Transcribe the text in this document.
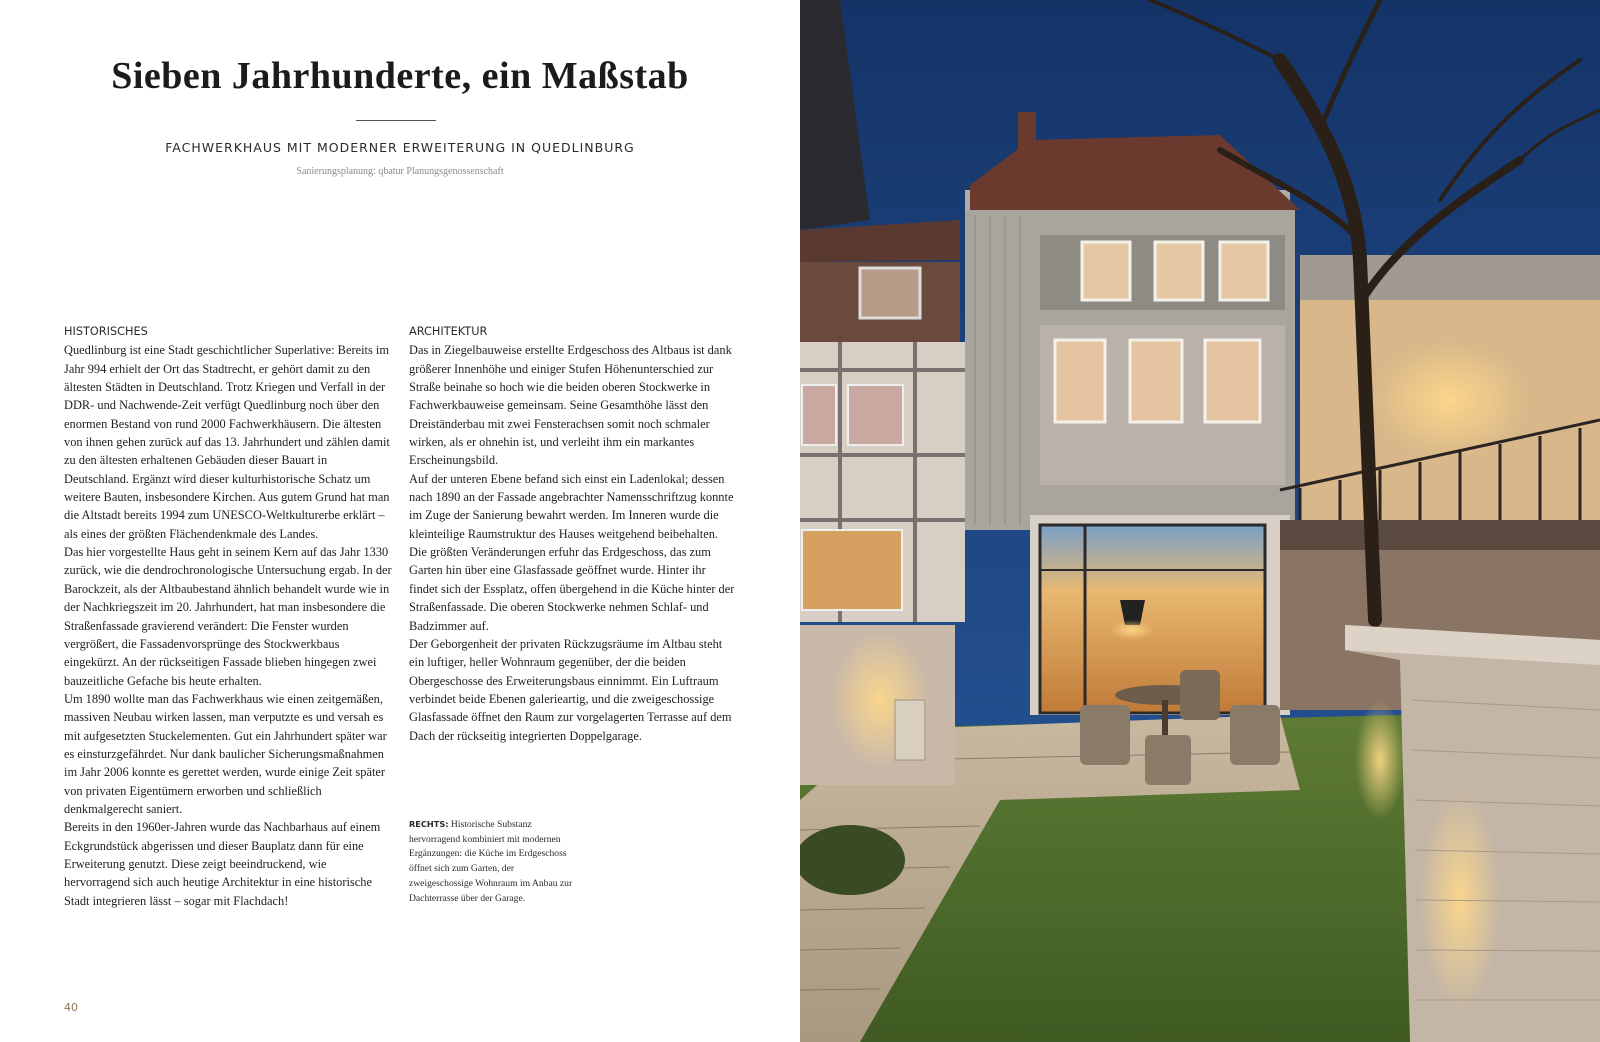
Sieben Jahrhunderte, ein Maßstab
FACHWERKHAUS MIT MODERNER ERWEITERUNG IN QUEDLINBURG
Sanierungsplanung: qbatur Planungsgenossenschaft
HISTORISCHES

Quedlinburg ist eine Stadt geschichtlicher Superlative: Bereits im Jahr 994 erhielt der Ort das Stadtrecht, er gehört damit zu den ältesten Städten in Deutschland. Trotz Kriegen und Verfall in der DDR- und Nachwende-Zeit verfügt Quedlinburg noch über den enormen Bestand von rund 2000 Fachwerkhäusern. Die ältesten von ihnen gehen zurück auf das 13. Jahrhundert und zählen damit zu den ältesten erhaltenen Gebäuden dieser Bauart in Deutschland. Ergänzt wird dieser kulturhistorische Schatz um weitere Bauten, insbesondere Kirchen. Aus gutem Grund hat man die Altstadt bereits 1994 zum UNESCO-Weltkulturerbe erklärt – als eines der größten Flächendenkmale des Landes.

Das hier vorgestellte Haus geht in seinem Kern auf das Jahr 1330 zurück, wie die dendrochronologische Untersuchung ergab. In der Barockzeit, als der Altbaubestand ähnlich behandelt wurde wie in der Nachkriegszeit im 20. Jahrhundert, hat man insbesondere die Straßenfassade gravierend verändert: Die Fenster wurden vergrößert, die Fassadenvorsprünge des Stockwerkbaus eingekürzt. An der rückseitigen Fassade blieben hingegen zwei bauzeitliche Gefache bis heute erhalten.

Um 1890 wollte man das Fachwerkhaus wie einen zeitgemäßen, massiven Neubau wirken lassen, man verputzte es und versah es mit aufgesetzten Stuckelementen. Gut ein Jahrhundert später war es einsturzgefährdet. Nur dank baulicher Sicherungsmaßnahmen im Jahr 2006 konnte es gerettet werden, wurde einige Zeit später von privaten Eigentümern erworben und schließlich denkmalgerecht saniert.

Bereits in den 1960er-Jahren wurde das Nachbarhaus auf einem Eckgrundstück abgerissen und dieser Bauplatz dann für eine Erweiterung genutzt. Diese zeigt beeindruckend, wie hervorragend sich auch heutige Architektur in eine historische Stadt integrieren lässt – sogar mit Flachdach!

ARCHITEKTUR

Das in Ziegelbauweise erstellte Erdgeschoss des Altbaus ist dank größerer Innenhöhe und einiger Stufen Höhenunterschied zur Straße beinahe so hoch wie die beiden oberen Stockwerke in Fachwerkbauweise gemeinsam. Seine Gesamthöhe lässt den Dreiständerbau mit zwei Fensterachsen somit noch schmaler wirken, als er ohnehin ist, und verleiht ihm ein markantes Erscheinungsbild.

Auf der unteren Ebene befand sich einst ein Ladenlokal; dessen nach 1890 an der Fassade angebrachter Namensschriftzug konnte im Zuge der Sanierung bewahrt werden. Im Inneren wurde die kleinteilige Raumstruktur des Hauses weitgehend beibehalten. Die größten Veränderungen erfuhr das Erdgeschoss, das zum Garten hin über eine Glasfassade geöffnet wurde. Hinter ihr findet sich der Essplatz, offen übergehend in die Küche hinter der Straßenfassade. Die oberen Stockwerke nehmen Schlaf- und Badzimmer auf.

Der Geborgenheit der privaten Rückzugsräume im Altbau steht ein luftiger, heller Wohnraum gegenüber, der die beiden Obergeschosse des Erweiterungsbaus einnimmt. Ein Luftraum verbindet beide Ebenen galerieartig, und die zweigeschossige Glasfassade öffnet den Raum zur vorgelagerten Terrasse auf dem Dach der rückseitig integrierten Doppelgarage.

RECHTS: Historische Substanz hervorragend kombiniert mit modernen Ergänzungen: die Küche im Erdgeschoss öffnet sich zum Garten, der zweigeschossige Wohnraum im Anbau zur Dachterrasse über der Garage.
40
